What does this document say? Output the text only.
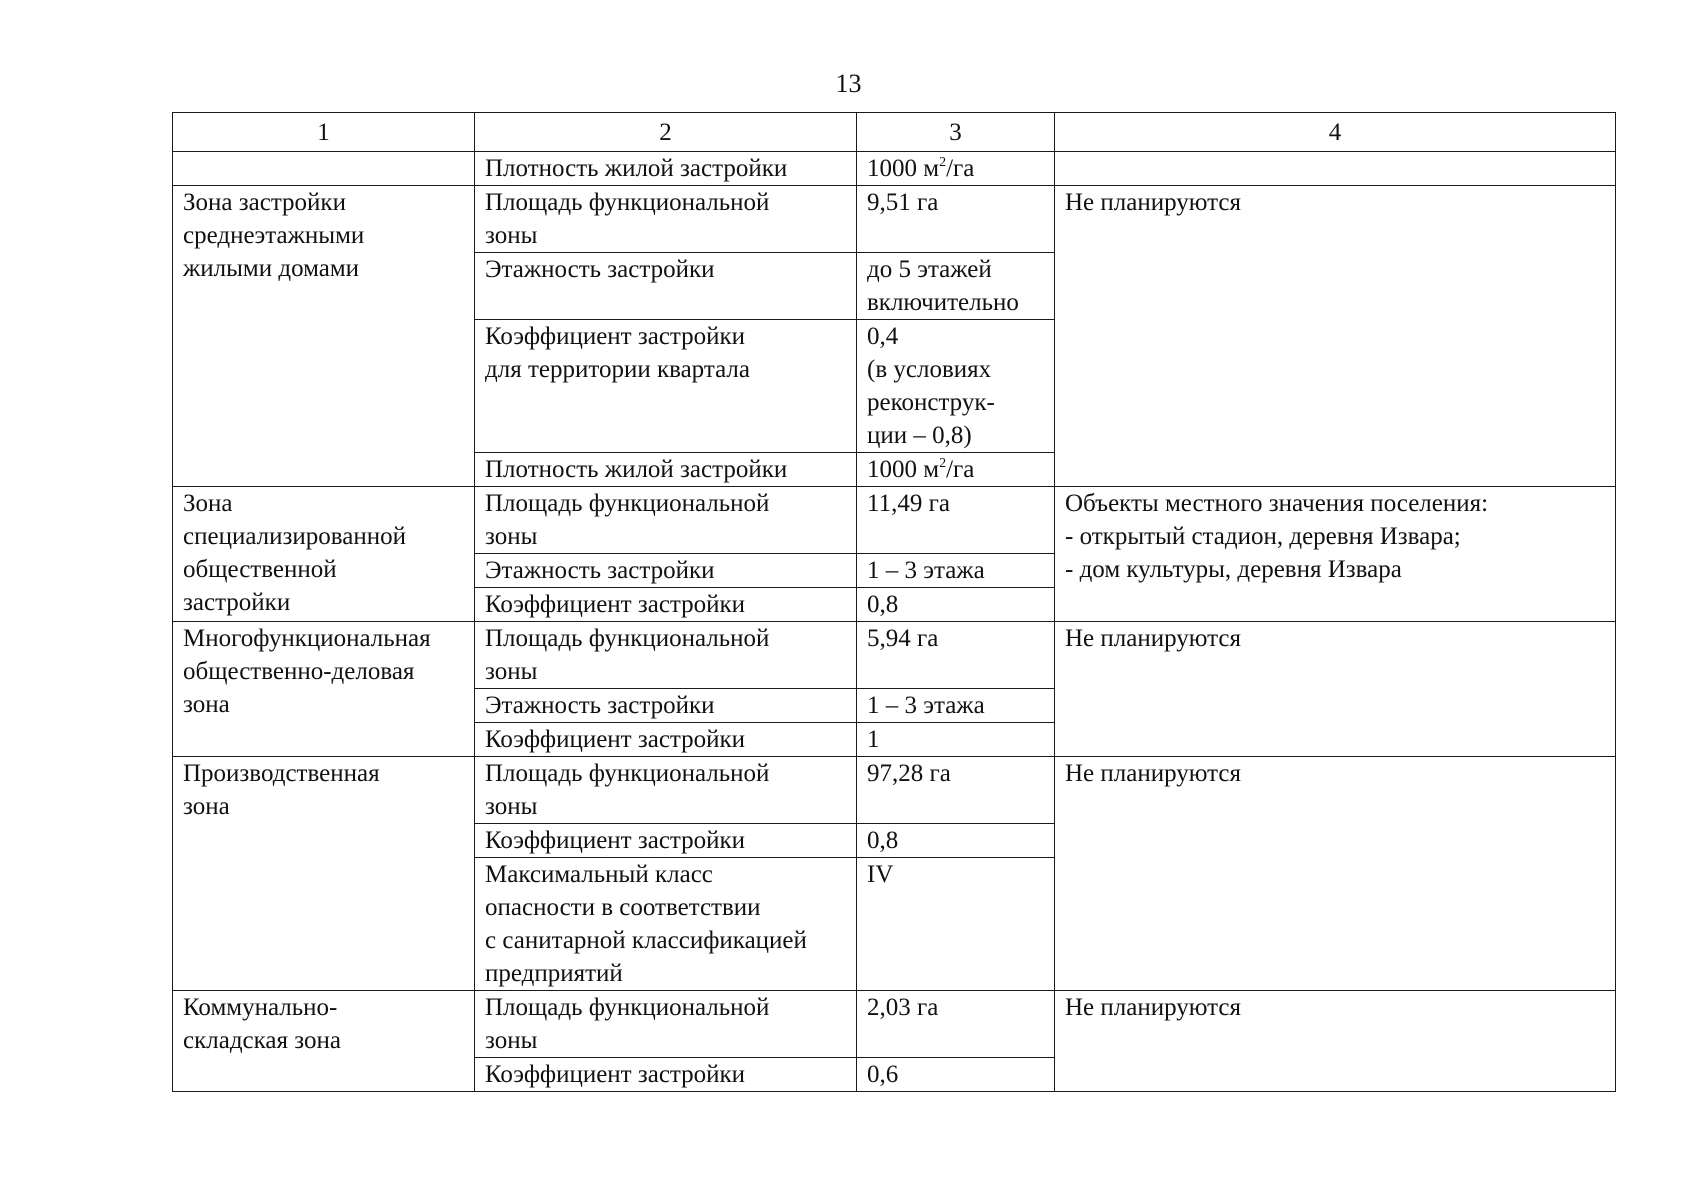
13
1	2	3	4
	Плотность жилой застройки	1000 $м^2/га$	
Зона застройки
среднеэтажными
жилыми домами	Площадь функциональной
зоны	9,51 га	Не планируются
	Этажность застройки	до 5 этажей
включительно	
	Коэффициент застройки
для территории квартала	0,4
(в условиях
реконструк-
ции – 0,8)	
	Плотность жилой застройки	1000 $м^2/га$	
Зона
специализированной
общественной
застройки	Площадь функциональной
зоны	11,49 га	Объекты местного значения поселения:
- открытый стадион, деревня Извара;
- дом культуры, деревня Извара
	Этажность застройки	1 – 3 этажа	
	Коэффициент застройки	0,8	
Многофункциональная
общественно-деловая
зона	Площадь функциональной
зоны	5,94 га	Не планируются
	Этажность застройки	1 – 3 этажа	
	Коэффициент застройки	1	
Производственная
зона	Площадь функциональной
зоны	97,28 га	Не планируются
	Коэффициент застройки	0,8	
	Максимальный класс
опасности в соответствии
с санитарной классификацией
предприятий	IV	
Коммунально-
складская зона	Площадь функциональной
зоны	2,03 га	Не планируются
	Коэффициент застройки	0,6	
